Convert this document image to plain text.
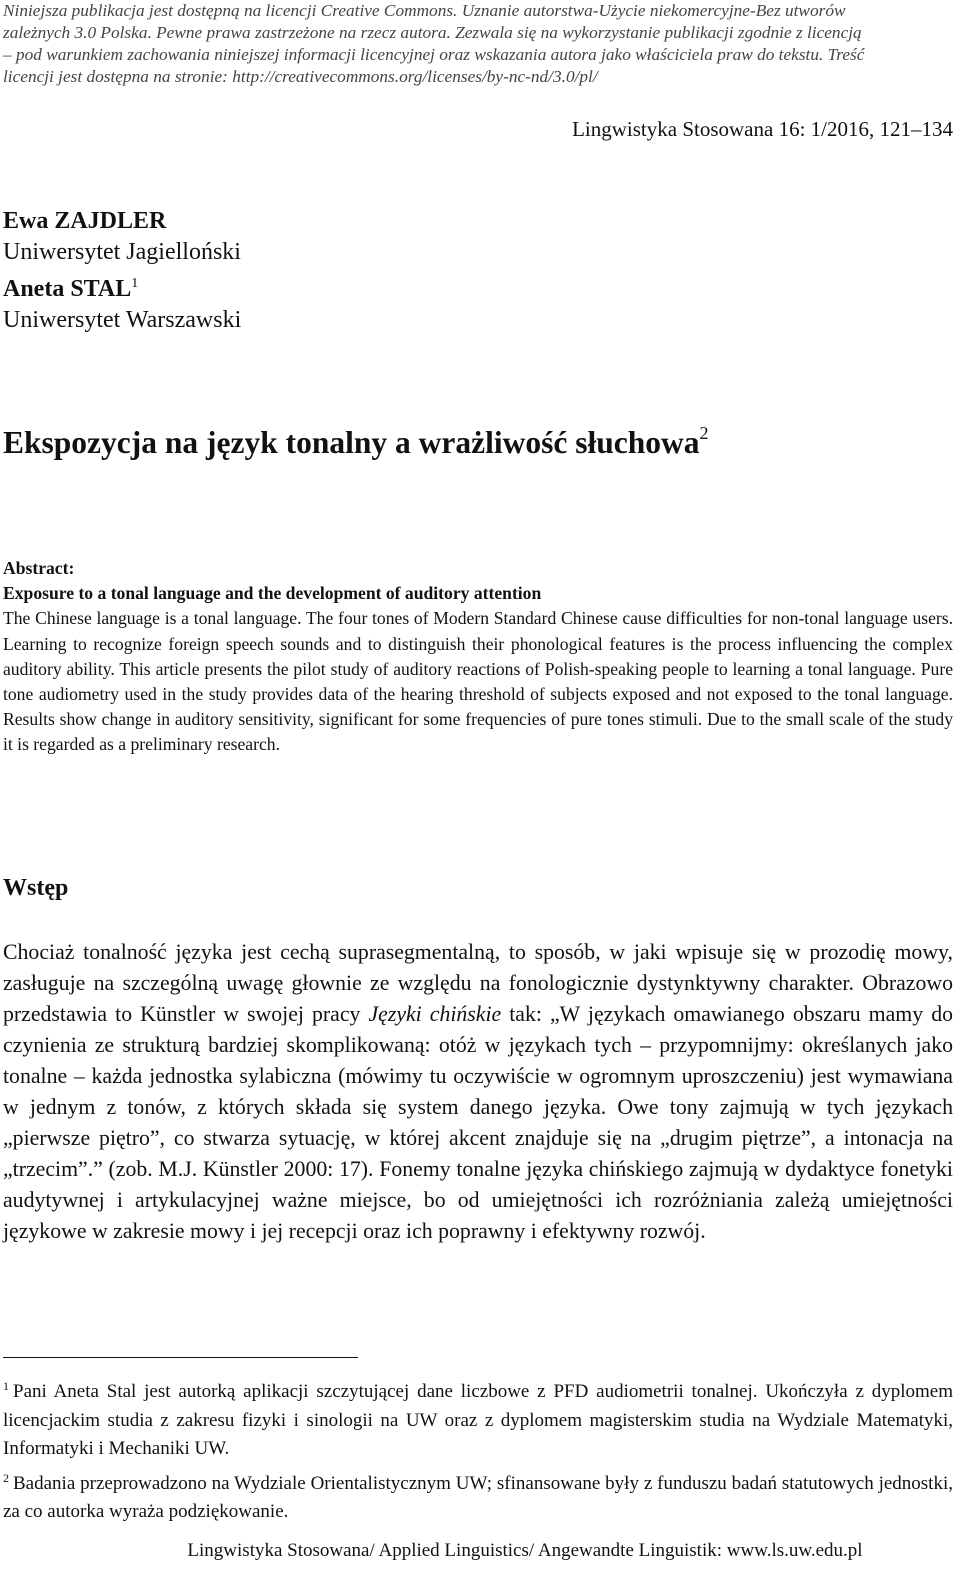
Niniejsza publikacja jest dostępną na licencji Creative Commons. Uznanie autorstwa-Użycie niekomercyjne-Bez utworów
zależnych 3.0 Polska. Pewne prawa zastrzeżone na rzecz autora. Zezwala się na wykorzystanie publikacji zgodnie z licencją
– pod warunkiem zachowania niniejszej informacji licencyjnej oraz wskazania autora jako właściciela praw do tekstu. Treść
licencji jest dostępna na stronie: http://creativecommons.org/licenses/by-nc-nd/3.0/pl/
Lingwistyka Stosowana 16: 1/2016, 121–134
Ewa ZAJDLER
Uniwersytet Jagielloński
Aneta STAL$^1$
Uniwersytet Warszawski
Ekspozycja na język tonalny a wrażliwość słuchowa$^2$
Abstract:
Exposure to a tonal language and the development of auditory attention

The Chinese language is a tonal language. The four tones of Modern Standard Chinese cause difficulties for non-tonal language users. Learning to recognize foreign speech sounds and to distinguish their phonological features is the process influencing the complex auditory ability. This article presents the pilot study of auditory reactions of Polish-speaking people to learning a tonal language. Pure tone audiometry used in the study provides data of the hearing threshold of subjects exposed and not exposed to the tonal language. Results show change in auditory sensitivity, significant for some frequencies of pure tones stimuli. Due to the small scale of the study it is regarded as a preliminary research.

Wstęp

Chociaż tonalność języka jest cechą suprasegmentalną, to sposób, w jaki wpisuje się w prozodię mowy, zasługuje na szczególną uwagę głownie ze względu na fonologicznie dystynktywny charakter. Obrazowo przedstawia to Künstler w swojej pracy Języki chińskie tak: „W językach omawianego obszaru mamy do czynienia ze strukturą bardziej skomplikowaną: otóż w językach tych – przypomnijmy: określanych jako tonalne – każda jednostka sylabiczna (mówimy tu oczywiście w ogromnym uproszczeniu) jest wymawiana w jednym z tonów, z których składa się system danego języka. Owe tony zajmują w tych językach „pierwsze piętro”, co stwarza sytuację, w której akcent znajduje się na „drugim piętrze”, a intonacja na „trzecim”.” (zob. M.J. Künstler 2000: 17). Fonemy tonalne języka chińskiego zajmują w dydaktyce fonetyki audytywnej i artykulacyjnej ważne miejsce, bo od umiejętności ich rozróżniania zależą umiejętności językowe w zakresie mowy i jej recepcji oraz ich poprawny i efektywny rozwój.

$^1$ Pani Aneta Stal jest autorką aplikacji szczytującej dane liczbowe z PFD audiometrii tonalnej. Ukończyła z dyplomem licencjackim studia z zakresu fizyki i sinologii na UW oraz z dyplomem magisterskim studia na Wydziale Matematyki, Informatyki i Mechaniki UW.

$^2$ Badania przeprowadzono na Wydziale Orientalistycznym UW; sfinansowane były z funduszu badań statutowych jednostki, za co autorka wyraża podziękowanie.

Lingwistyka Stosowana/ Applied Linguistics/ Angewandte Linguistik: www.ls.uw.edu.pl
